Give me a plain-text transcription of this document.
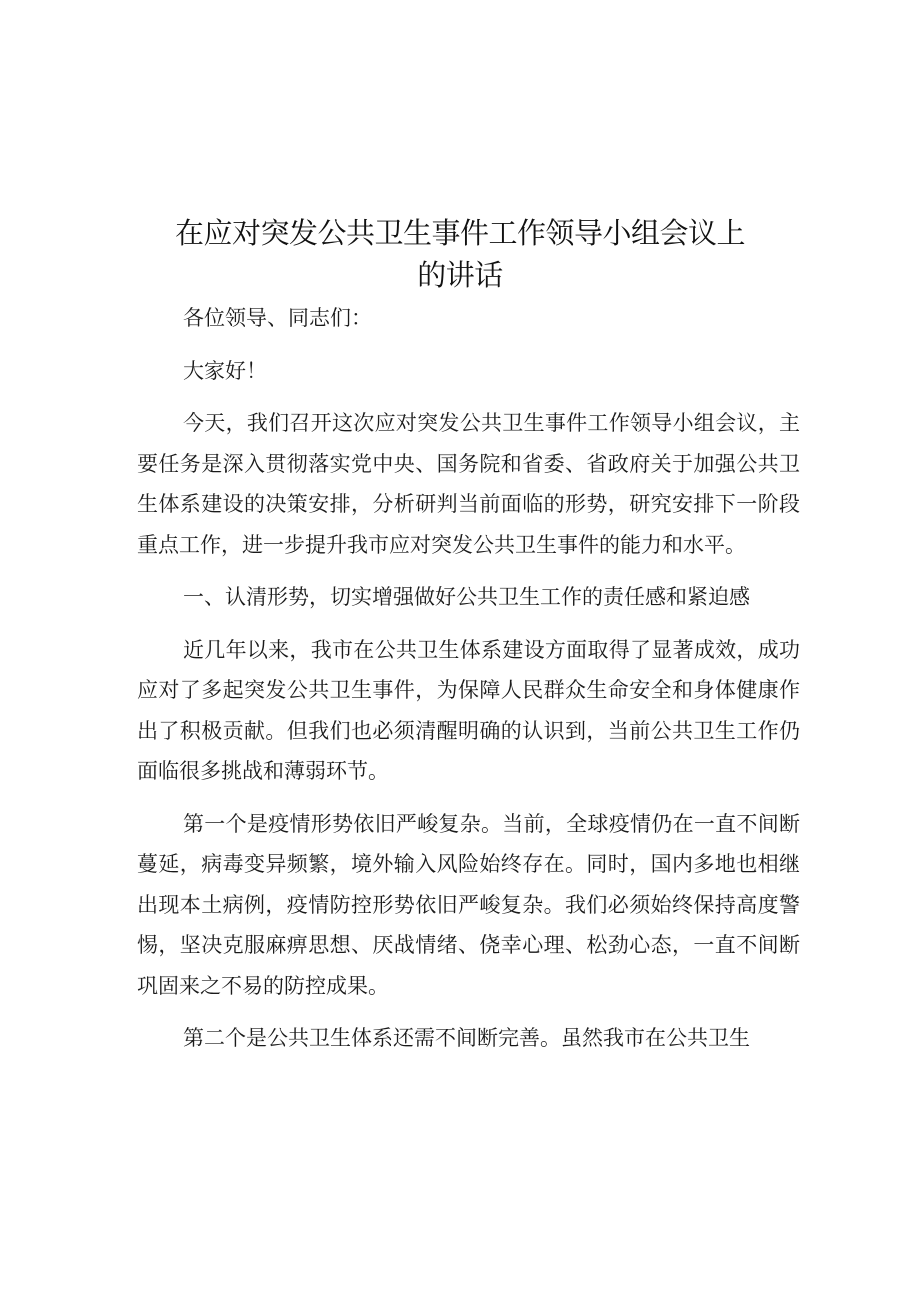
在应对突发公共卫生事件工作领导小组会议上
的讲话

各位领导、同志们：

大家好！

今天，我们召开这次应对突发公共卫生事件工作领导小组会议，主要任务是深入贯彻落实党中央、国务院和省委、省政府关于加强公共卫生体系建设的决策安排，分析研判当前面临的形势，研究安排下一阶段重点工作，进一步提升我市应对突发公共卫生事件的能力和水平。

一、认清形势，切实增强做好公共卫生工作的责任感和紧迫感

近几年以来，我市在公共卫生体系建设方面取得了显著成效，成功应对了多起突发公共卫生事件，为保障人民群众生命安全和身体健康作出了积极贡献。但我们也必须清醒明确的认识到，当前公共卫生工作仍面临很多挑战和薄弱环节。

第一个是疫情形势依旧严峻复杂。当前，全球疫情仍在一直不间断蔓延，病毒变异频繁，境外输入风险始终存在。同时，国内多地也相继出现本土病例，疫情防控形势依旧严峻复杂。我们必须始终保持高度警惕，坚决克服麻痹思想、厌战情绪、侥幸心理、松劲心态，一直不间断巩固来之不易的防控成果。

第二个是公共卫生体系还需不间断完善。虽然我市在公共卫生
